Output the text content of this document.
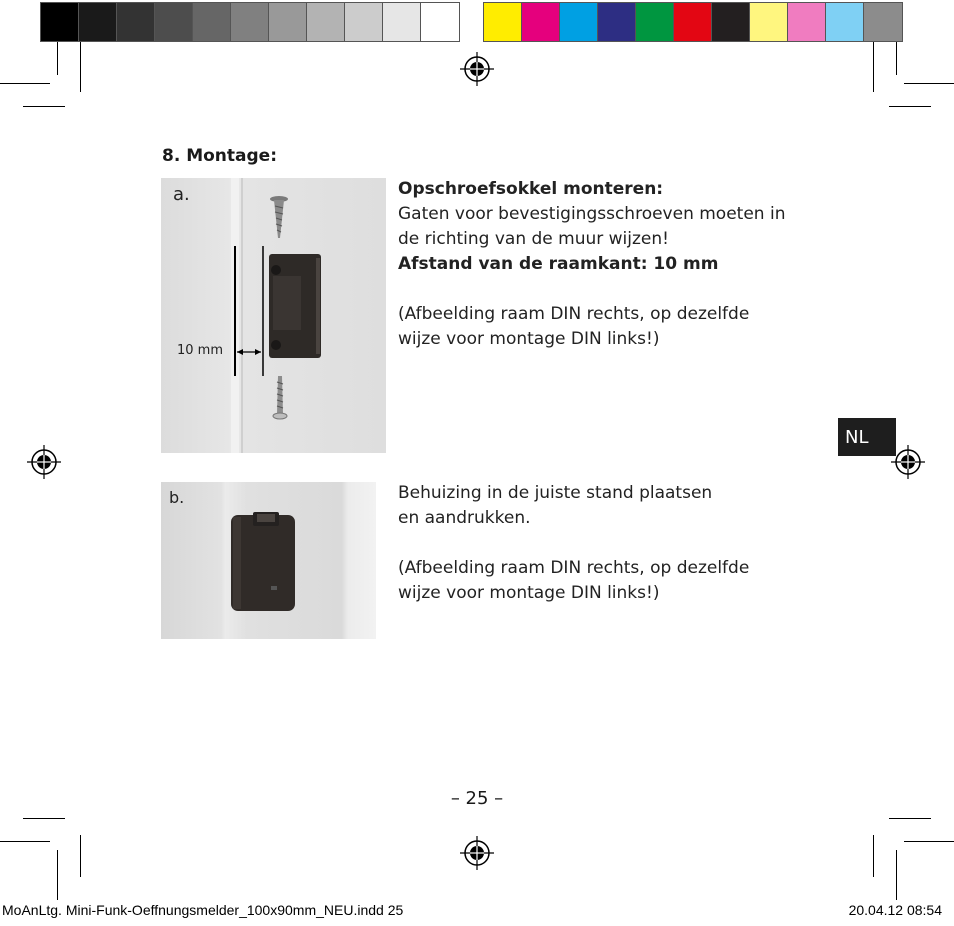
8. Montage:
a.
10 mm
Opschroefsokkel monteren:
Gaten voor bevestigingsschroeven moeten in
de richting van de muur wijzen!
Afstand van de raamkant: 10 mm
(Afbeelding raam DIN rechts, op dezelfde
wijze voor montage DIN links!)
b.	Behuizing in de juiste stand plaatsen
en aandrukken.
(Afbeelding raam DIN rechts, op dezelfde
wijze voor montage DIN links!)
NL
– 25 –
MoAnLtg. Mini-Funk-Oeffnungsmelder_100x90mm_NEU.indd 25	20.04.12 08:54
